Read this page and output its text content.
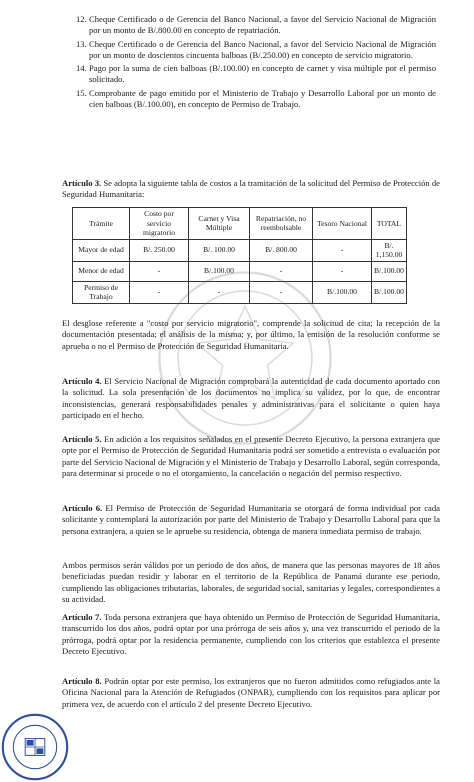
12. Cheque Certificado o de Gerencia del Banco Nacional, a favor del Servicio Nacional de Migración por un monto de B/.800.00 en concepto de repatriación.
13. Cheque Certificado o de Gerencia del Banco Nacional, a favor del Servicio Nacional de Migración por un monto de doscientos cincuenta balboas (B/.250.00) en concepto de servicio migratorio.
14. Pago por la suma de cien balboas (B/.100.00) en concepto de carnet y visa múltiple por el permiso solicitado.
15. Comprobante de pago emitido por el Ministerio de Trabajo y Desarrollo Laboral por un monto de cien balboas (B/.100.00), en concepto de Permiso de Trabajo.

Artículo 3. Se adopta la siguiente tabla de costos a la tramitación de la solicitud del Permiso de Protección de Seguridad Humanitaria:

Trámite	Costo por servicio migratorio	Carnet y Visa Múltiple	Repatriación, no reembolsable	Tesoro Nacional	TOTAL
Mayor de edad	B/. 250.00	B/. 100.00	B/. 800.00	-	B/. 1,150.00
Menor de edad	-	B/.100.00	-	-	B/.100.00
Permiso de Trabajo	-	-	-	B/.100.00	B/.100.00

El desglose referente a "costo por servicio migratorio", comprende la solicitud de cita; la recepción de la documentación presentada; el análisis de la misma; y, por último, la emisión de la resolución conforme se aprueba o no el Permiso de Protección de Seguridad Humanitaria.

Artículo 4. El Servicio Nacional de Migración comprobará la autenticidad de cada documento aportado con la solicitud. La sola presentación de los documentos no implica su validez, por lo que, de encontrar inconsistencias, generará responsabilidades penales y administrativas para el solicitante o quien haya participado en el hecho.

Artículo 5. En adición a los requisitos señalados en el presente Decreto Ejecutivo, la persona extranjera que opte por el Permiso de Protección de Seguridad Humanitaria podrá ser sometido a entrevista o evaluación por parte del Servicio Nacional de Migración y el Ministerio de Trabajo y Desarrollo Laboral, según corresponda, para determinar si procede o no el otorgamiento, la cancelación o negación del permiso respectivo.

Artículo 6. El Permiso de Protección de Seguridad Humanitaria se otorgará de forma individual por cada solicitante y contemplará la autorización por parte del Ministerio de Trabajo y Desarrollo Laboral para que la persona extranjera, a quien se le apruebe su residencia, obtenga de manera inmediata permiso de trabajo.

Ambos permisos serán válidos por un periodo de dos años, de manera que las personas mayores de 18 años beneficiadas puedan residir y laborar en el territorio de la República de Panamá durante ese periodo, cumpliendo las obligaciones tributarias, laborales, de seguridad social, sanitarias y legales, correspondientes a su actividad.

Artículo 7. Toda persona extranjera que haya obtenido un Permiso de Protección de Seguridad Humanitaria, transcurrido los dos años, podrá optar por una prórroga de seis años y, una vez transcurrido el periodo de la prórroga, podrá optar por la residencia permanente, cumpliendo con los criterios que establezca el presente Decreto Ejecutivo.

Artículo 8. Podrán optar por este permiso, los extranjeros que no fueron admitidos como refugiados ante la Oficina Nacional para la Atención de Refugiados (ONPAR), cumpliendo con los requisitos para aplicar por primera vez, de acuerdo con el artículo 2 del presente Decreto Ejecutivo.
